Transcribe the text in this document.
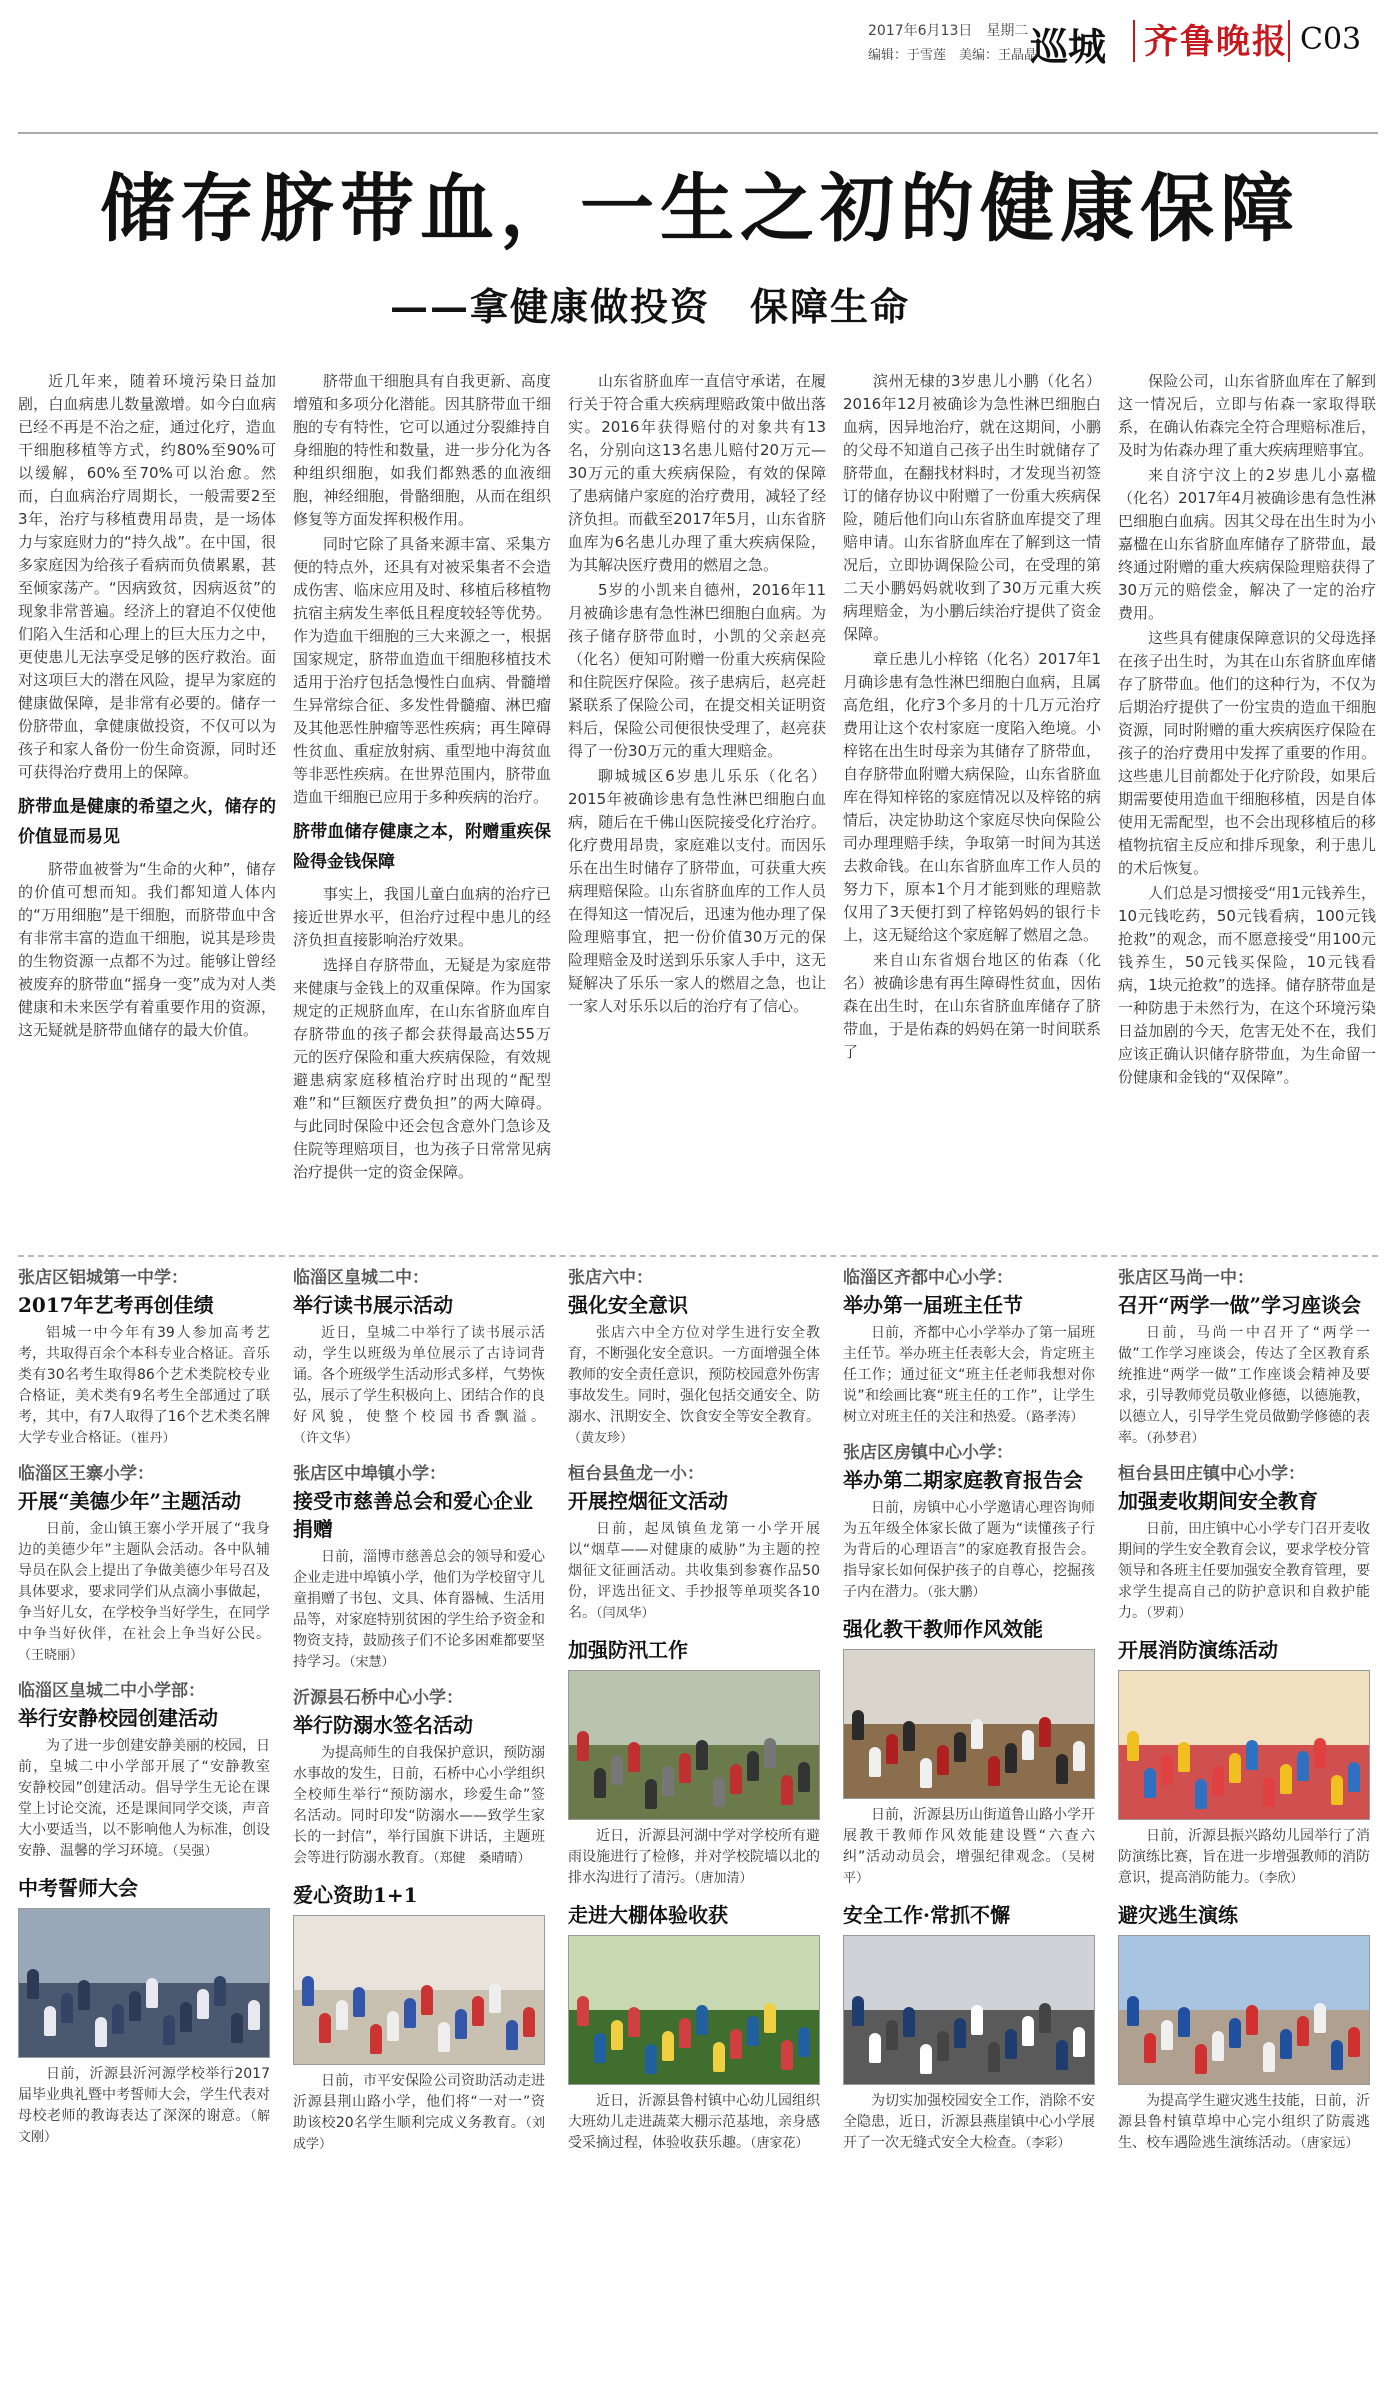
2017年6月13日　星期二
编辑：于雪莲　美编：王晶晶
巡城 齐鲁晚报 C03
储存脐带血，一生之初的健康保障
——拿健康做投资　保障生命

近几年来，随着环境污染日益加剧，白血病患儿数量激增。如今白血病已经不再是不治之症，通过化疗，造血干细胞移植等方式，约80%至90%可以缓解，60%至70%可以治愈。然而，白血病治疗周期长，一般需要2至3年，治疗与移植费用昂贵，是一场体力与家庭财力的“持久战”。在中国，很多家庭因为给孩子看病而负债累累，甚至倾家荡产。“因病致贫，因病返贫”的现象非常普遍。经济上的窘迫不仅使他们陷入生活和心理上的巨大压力之中，更使患儿无法享受足够的医疗救治。面对这项巨大的潜在风险，提早为家庭的健康做保障，是非常有必要的。储存一份脐带血，拿健康做投资，不仅可以为孩子和家人备份一份生命资源，同时还可获得治疗费用上的保障。

脐带血是健康的希望之火，储存的价值显而易见

脐带血被誉为“生命的火种”，储存的价值可想而知。我们都知道人体内的“万用细胞”是干细胞，而脐带血中含有非常丰富的造血干细胞，说其是珍贵的生物资源一点都不为过。能够让曾经被废弃的脐带血“摇身一变”成为对人类健康和未来医学有着重要作用的资源，这无疑就是脐带血储存的最大价值。

脐带血干细胞具有自我更新、高度增殖和多项分化潜能。因其脐带血干细胞的专有特性，它可以通过分裂維持自身细胞的特性和数量，进一步分化为各种组织细胞，如我们都熟悉的血液细胞，神经细胞，骨骼细胞，从而在组织修复等方面发挥积极作用。

同时它除了具备来源丰富、采集方便的特点外，还具有对被采集者不会造成伤害、临床应用及时、移植后移植物抗宿主病发生率低且程度较轻等优势。作为造血干细胞的三大来源之一，根据国家规定，脐带血造血干细胞移植技术适用于治疗包括急慢性白血病、骨髓增生异常综合征、多发性骨髓瘤、淋巴瘤及其他恶性肿瘤等恶性疾病；再生障碍性贫血、重症放射病、重型地中海贫血等非恶性疾病。在世界范围内，脐带血造血干细胞已应用于多种疾病的治疗。

脐带血储存健康之本，附赠重疾保险得金钱保障

事实上，我国儿童白血病的治疗已接近世界水平，但治疗过程中患儿的经济负担直接影响治疗效果。

选择自存脐带血，无疑是为家庭带来健康与金钱上的双重保障。作为国家规定的正规脐血库，在山东省脐血库自存脐带血的孩子都会获得最高达55万元的医疗保险和重大疾病保险，有效规避患病家庭移植治疗时出现的“配型难”和“巨额医疗费负担”的两大障碍。与此同时保险中还会包含意外门急诊及住院等理赔项目，也为孩子日常常见病治疗提供一定的资金保障。

山东省脐血库一直信守承诺，在履行关于符合重大疾病理赔政策中做出落实。2016年获得赔付的对象共有13名，分别向这13名患儿赔付20万元—30万元的重大疾病保险，有效的保障了患病储户家庭的治疗费用，减轻了经济负担。而截至2017年5月，山东省脐血库为6名患儿办理了重大疾病保险，为其解决医疗费用的燃眉之急。

5岁的小凯来自德州，2016年11月被确诊患有急性淋巴细胞白血病。为孩子储存脐带血时，小凯的父亲赵亮（化名）便知可附赠一份重大疾病保险和住院医疗保险。孩子患病后，赵亮赶紧联系了保险公司，在提交相关证明资料后，保险公司便很快受理了，赵亮获得了一份30万元的重大理赔金。

聊城城区6岁患儿乐乐（化名）2015年被确诊患有急性淋巴细胞白血病，随后在千佛山医院接受化疗治疗。化疗费用昂贵，家庭难以支付。而因乐乐在出生时储存了脐带血，可获重大疾病理赔保险。山东省脐血库的工作人员在得知这一情况后，迅速为他办理了保险理赔事宜，把一份价值30万元的保险理赔金及时送到乐乐家人手中，这无疑解决了乐乐一家人的燃眉之急，也让一家人对乐乐以后的治疗有了信心。

滨州无棣的3岁患儿小鹏（化名）2016年12月被确诊为急性淋巴细胞白血病，因异地治疗，就在这期间，小鹏的父母不知道自己孩子出生时就储存了脐带血，在翻找材料时，才发现当初签订的储存协议中附赠了一份重大疾病保险，随后他们向山东省脐血库提交了理赔申请。山东省脐血库在了解到这一情况后，立即协调保险公司，在受理的第二天小鹏妈妈就收到了30万元重大疾病理赔金，为小鹏后续治疗提供了资金保障。

章丘患儿小梓铭（化名）2017年1月确诊患有急性淋巴细胞白血病，且属高危组，化疗3个多月的十几万元治疗费用让这个农村家庭一度陷入绝境。小梓铭在出生时母亲为其储存了脐带血，自存脐带血附赠大病保险，山东省脐血库在得知梓铭的家庭情况以及梓铭的病情后，决定协助这个家庭尽快向保险公司办理理赔手续，争取第一时间为其送去救命钱。在山东省脐血库工作人员的努力下，原本1个月才能到账的理赔款仅用了3天便打到了梓铭妈妈的银行卡上，这无疑给这个家庭解了燃眉之急。

来自山东省烟台地区的佑森（化名）被确诊患有再生障碍性贫血，因佑森在出生时，在山东省脐血库储存了脐带血，于是佑森的妈妈在第一时间联系了

保险公司，山东省脐血库在了解到这一情况后，立即与佑森一家取得联系，在确认佑森完全符合理赔标准后，及时为佑森办理了重大疾病理赔事宜。

来自济宁汶上的2岁患儿小嘉楹（化名）2017年4月被确诊患有急性淋巴细胞白血病。因其父母在出生时为小嘉楹在山东省脐血库储存了脐带血，最终通过附赠的重大疾病保险理赔获得了30万元的赔偿金，解决了一定的治疗费用。

这些具有健康保障意识的父母选择在孩子出生时，为其在山东省脐血库储存了脐带血。他们的这种行为，不仅为后期治疗提供了一份宝贵的造血干细胞资源，同时附赠的重大疾病医疗保险在孩子的治疗费用中发挥了重要的作用。这些患儿目前都处于化疗阶段，如果后期需要使用造血干细胞移植，因是自体使用无需配型，也不会出现移植后的移植物抗宿主反应和排斥现象，利于患儿的术后恢复。

人们总是习惯接受“用1元钱养生，10元钱吃药，50元钱看病，100元钱抢救”的观念，而不愿意接受“用100元钱养生，50元钱买保险，10元钱看病，1块元抢救”的选择。储存脐带血是一种防患于未然行为，在这个环境污染日益加剧的今天，危害无处不在，我们应该正确认识储存脐带血，为生命留一份健康和金钱的“双保障”。

张店区铝城第一中学：
2017年艺考再创佳绩
铝城一中今年有39人参加高考艺考，共取得百余个本科专业合格证。音乐类有30名考生取得86个艺术类院校专业合格证，美术类有9名考生全部通过了联考，其中，有7人取得了16个艺术类名牌大学专业合格证。（崔丹）
临淄区王寨小学：
开展“美德少年”主题活动
日前，金山镇王寨小学开展了“我身边的美德少年”主题队会活动。各中队辅导员在队会上提出了争做美德少年号召及具体要求，要求同学们从点滴小事做起，争当好儿女，在学校争当好学生，在同学中争当好伙伴，在社会上争当好公民。（王晓丽）
临淄区皇城二中小学部：
举行安静校园创建活动
为了进一步创建安静美丽的校园，日前，皇城二中小学部开展了“安静教室　安静校园”创建活动。倡导学生无论在课堂上讨论交流，还是课间同学交谈，声音大小要适当，以不影响他人为标准，创设安静、温馨的学习环境。（吴强）
中考誓师大会
日前，沂源县沂河源学校举行2017届毕业典礼暨中考誓师大会，学生代表对母校老师的教诲表达了深深的谢意。（解文刚）
临淄区皇城二中：
举行读书展示活动
近日，皇城二中举行了读书展示活动，学生以班级为单位展示了古诗词背诵。各个班级学生活动形式多样，气势恢弘，展示了学生积极向上、团结合作的良好风貌，使整个校园书香飘溢。（许文华）
张店区中埠镇小学：
接受市慈善总会和爱心企业捐赠
日前，淄博市慈善总会的领导和爱心企业走进中埠镇小学，他们为学校留守儿童捐赠了书包、文具、体育器械、生活用品等，对家庭特别贫困的学生给予资金和物资支持，鼓励孩子们不论多困难都要坚持学习。（宋慧）
沂源县石桥中心小学：
举行防溺水签名活动
为提高师生的自我保护意识，预防溺水事故的发生，日前，石桥中心小学组织全校师生举行“预防溺水，珍爱生命”签名活动。同时印发“防溺水——致学生家长的一封信”，举行国旗下讲话，主题班会等进行防溺水教育。（郑健　桑晴晴）
爱心资助1+1
日前，市平安保险公司资助活动走进沂源县荆山路小学，他们将“一对一”资助该校20名学生顺利完成义务教育。（刘成学）
张店六中：
强化安全意识
张店六中全方位对学生进行安全教育，不断强化安全意识。一方面增强全体教师的安全责任意识，预防校园意外伤害事故发生。同时，强化包括交通安全、防溺水、汛期安全、饮食安全等安全教育。（黄友珍）
桓台县鱼龙一小：
开展控烟征文活动
日前，起凤镇鱼龙第一小学开展以“烟草——对健康的威胁”为主题的控烟征文征画活动。共收集到参赛作品50份，评选出征文、手抄报等单项奖各10名。（闫凤华）
加强防汛工作
近日，沂源县河湖中学对学校所有避雨设施进行了检修，并对学校院墙以北的排水沟进行了清污。（唐加清）
走进大棚体验收获
近日，沂源县鲁村镇中心幼儿园组织大班幼儿走进蔬菜大棚示范基地，亲身感受采摘过程，体验收获乐趣。（唐家花）
临淄区齐都中心小学：
举办第一届班主任节
日前，齐都中心小学举办了第一届班主任节。举办班主任表彰大会，肯定班主任工作；通过征文“班主任老师我想对你说”和绘画比赛“班主任的工作”，让学生树立对班主任的关注和热爱。（路孝涛）
张店区房镇中心小学：
举办第二期家庭教育报告会
日前，房镇中心小学邀请心理咨询师为五年级全体家长做了题为“读懂孩子行为背后的心理语言”的家庭教育报告会。指导家长如何保护孩子的自尊心，挖掘孩子内在潜力。（张大鹏）
强化教干教师作风效能
日前，沂源县历山街道鲁山路小学开展教干教师作风效能建设暨“六查六纠”活动动员会，增强纪律观念。（吴树平）
安全工作·常抓不懈
为切实加强校园安全工作，消除不安全隐患，近日，沂源县燕崖镇中心小学展开了一次无缝式安全大检查。（李彩）
张店区马尚一中：
召开“两学一做”学习座谈会
日前，马尚一中召开了“两学一做”工作学习座谈会，传达了全区教育系统推进“两学一做”工作座谈会精神及要求，引导教师党员敬业修德，以德施教，以德立人，引导学生党员做勤学修德的表率。（孙梦君）
桓台县田庄镇中心小学：
加强麦收期间安全教育
日前，田庄镇中心小学专门召开麦收期间的学生安全教育会议，要求学校分管领导和各班主任要加强安全教育管理，要求学生提高自己的防护意识和自救护能力。（罗莉）
开展消防演练活动
日前，沂源县振兴路幼儿园举行了消防演练比赛，旨在进一步增强教师的消防意识，提高消防能力。（李欣）
避灾逃生演练
为提高学生避灾逃生技能，日前，沂源县鲁村镇草埠中心完小组织了防震逃生、校车遇险逃生演练活动。（唐家远）
